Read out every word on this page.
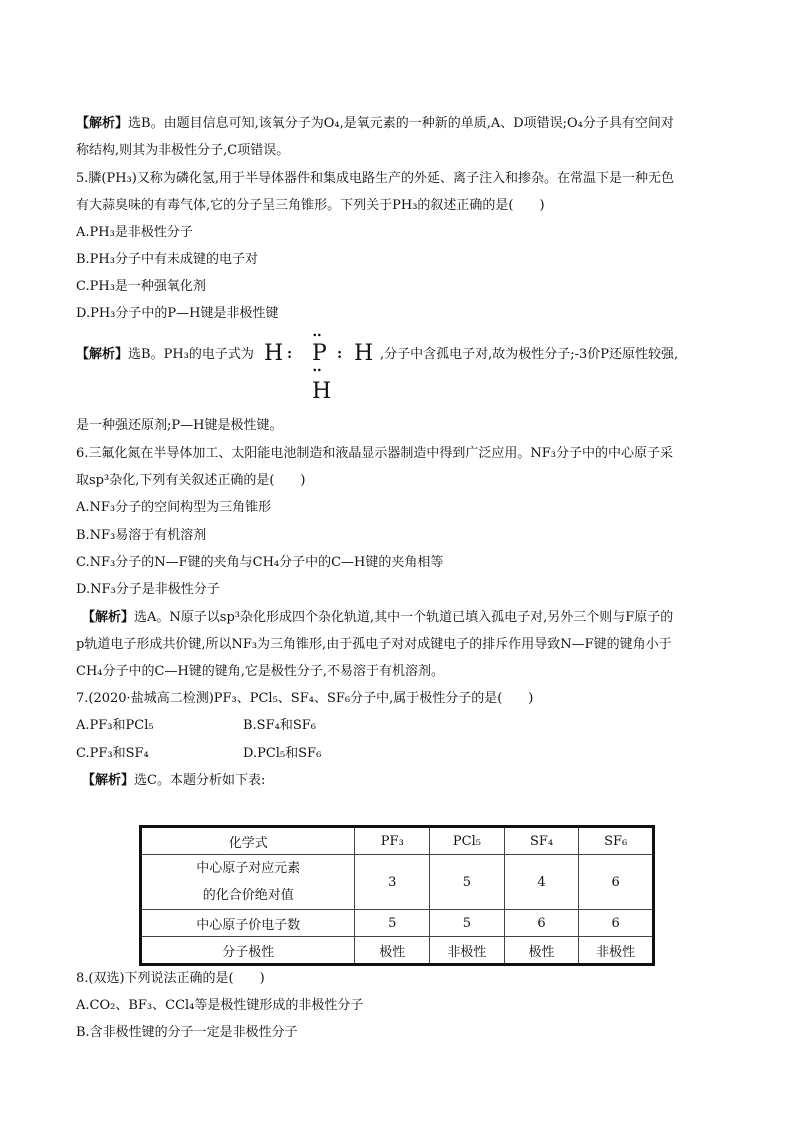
【解析】选B。由题目信息可知,该氧分子为O₄,是氧元素的一种新的单质,A、D项错误;O₄分子具有空间对
称结构,则其为非极性分子,C项错误。
5.膦(PH₃)又称为磷化氢,用于半导体器件和集成电路生产的外延、离子注入和掺杂。在常温下是一种无色
有大蒜臭味的有毒气体,它的分子呈三角锥形。下列关于PH₃的叙述正确的是(　　)
A.PH₃是非极性分子
B.PH₃分子中有未成键的电子对
C.PH₃是一种强氧化剂
D.PH₃分子中的P—H键是非极性键
【解析】选B。PH₃的电子式为 H :
:
P : H
:
H
,分子中含孤电子对,故为极性分子;-3价P还原性较强,
是一种强还原剂;P—H键是极性键。
6.三氟化氮在半导体加工、太阳能电池制造和液晶显示器制造中得到广泛应用。NF₃分子中的中心原子采
取sp³杂化,下列有关叙述正确的是(　　)
A.NF₃分子的空间构型为三角锥形
B.NF₃易溶于有机溶剂
C.NF₃分子的N—F键的夹角与CH₄分子中的C—H键的夹角相等
D.NF₃分子是非极性分子
【解析】选A。N原子以sp³杂化形成四个杂化轨道,其中一个轨道已填入孤电子对,另外三个则与F原子的
p轨道电子形成共价键,所以NF₃为三角锥形,由于孤电子对对成键电子的排斥作用导致N—F键的键角小于
CH₄分子中的C—H键的键角,它是极性分子,不易溶于有机溶剂。
7.(2020·盐城高二检测)PF₃、PCl₅、SF₄、SF₆分子中,属于极性分子的是(　　)
A.PF₃和PCl₅	B.SF₄和SF₆
C.PF₃和SF₄	D.PCl₅和SF₆
【解析】选C。本题分析如下表:
化学式	PF₃	PCl₅	SF₄	SF₆
中心原子对应元素
的化合价绝对值	3	5	4	6
中心原子价电子数	5	5	6	6
分子极性	极性	非极性	极性	非极性
8.(双选)下列说法正确的是(　　)
A.CO₂、BF₃、CCl₄等是极性键形成的非极性分子
B.含非极性键的分子一定是非极性分子
